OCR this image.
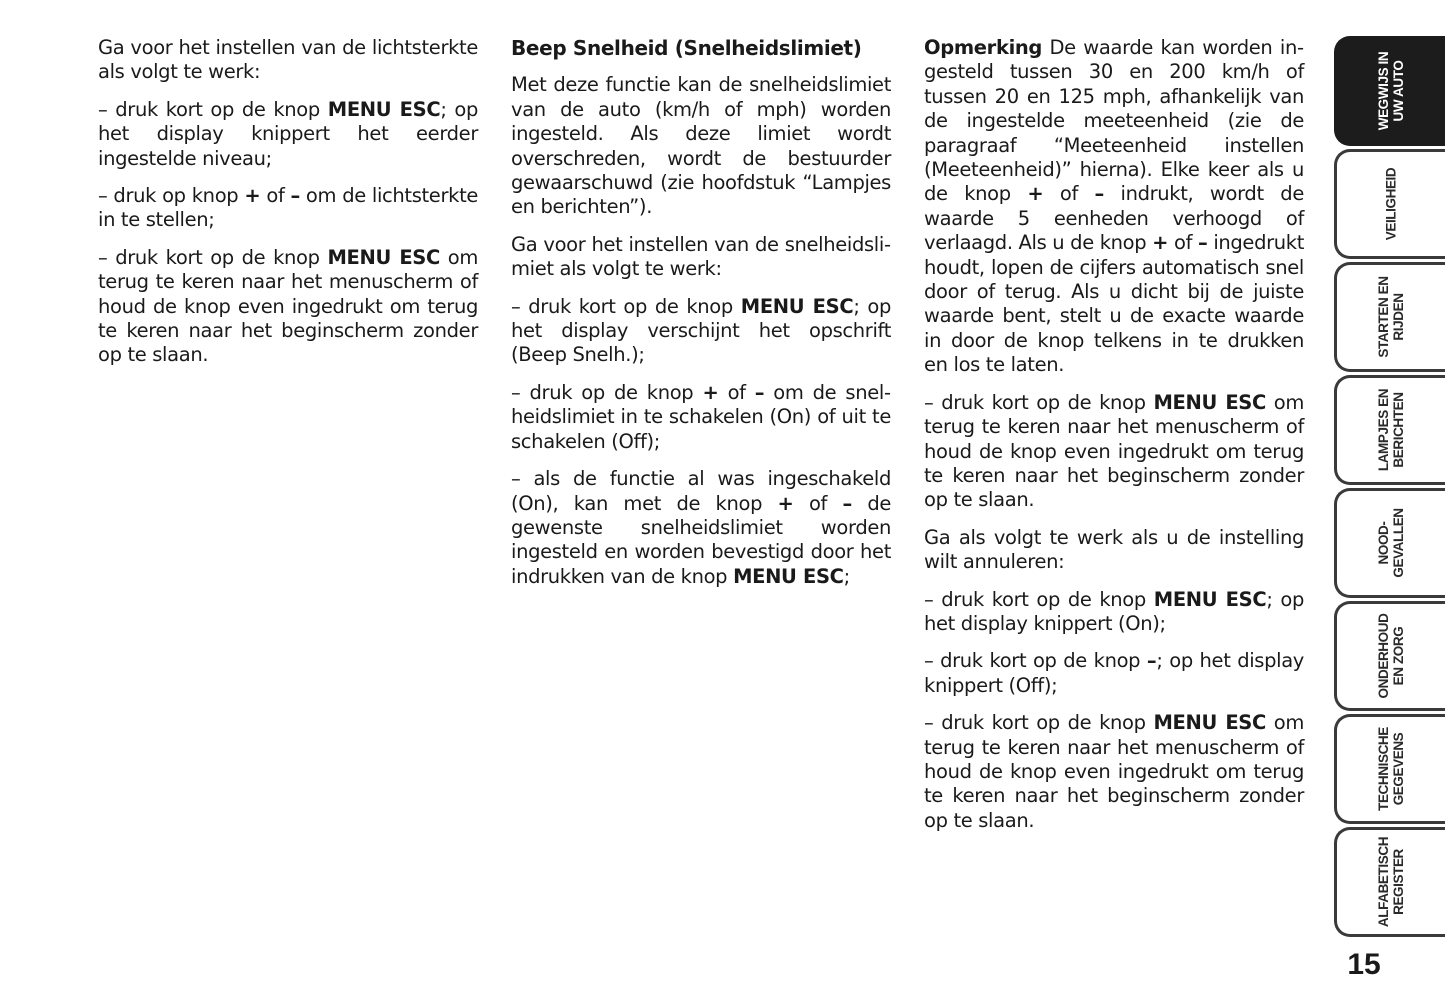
Ga voor het instellen van de lichtsterkte als volgt te werk:

– druk kort op de knop MENU ESC; op het display knippert het eerder ingestelde niveau;

– druk op knop + of – om de lichtsterkte in te stellen;

– druk kort op de knop MENU ESC om terug te keren naar het menuscherm of houd de knop even ingedrukt om terug te keren naar het beginscherm zonder op te slaan.

Beep Snelheid (Snelheidslimiet)

Met deze functie kan de snelheidslimiet van de auto (km/h of mph) worden ingesteld. Als deze limiet wordt overschreden, wordt de bestuurder gewaarschuwd (zie hoofdstuk “Lampjes en berichten”).

Ga voor het instellen van de snelheidslimiet als volgt te werk:

– druk kort op de knop MENU ESC; op het display verschijnt het opschrift (Beep Snelh.);

– druk op de knop + of – om de snelheidslimiet in te schakelen (On) of uit te schakelen (Off);

– als de functie al was ingeschakeld (On), kan met de knop + of – de gewenste snelheidslimiet worden ingesteld en worden bevestigd door het indrukken van de knop MENU ESC;

Opmerking De waarde kan worden ingesteld tussen 30 en 200 km/h of tussen 20 en 125 mph, afhankelijk van de ingestelde meeteenheid (zie de paragraaf “Meeteenheid instellen (Meeteenheid)” hierna). Elke keer als u de knop + of – indrukt, wordt de waarde 5 eenheden verhoogd of verlaagd. Als u de knop + of – ingedrukt houdt, lopen de cijfers automatisch snel door of terug. Als u dicht bij de juiste waarde bent, stelt u de exacte waarde in door de knop telkens in te drukken en los te laten.

– druk kort op de knop MENU ESC om terug te keren naar het menuscherm of houd de knop even ingedrukt om terug te keren naar het beginscherm zonder op te slaan.

Ga als volgt te werk als u de instelling wilt annuleren:

– druk kort op de knop MENU ESC; op het display knippert (On);

– druk kort op de knop –; op het display knippert (Off);

– druk kort op de knop MENU ESC om terug te keren naar het menuscherm of houd de knop even ingedrukt om terug te keren naar het beginscherm zonder op te slaan.

WEGWIJS IN UW AUTO
VEILIGHEID
STARTEN EN RIJDEN
LAMPJES EN BERICHTEN
NOOD- GEVALLEN
ONDERHOUD EN ZORG
TECHNISCHE GEGEVENS
ALFABETISCH REGISTER
15
